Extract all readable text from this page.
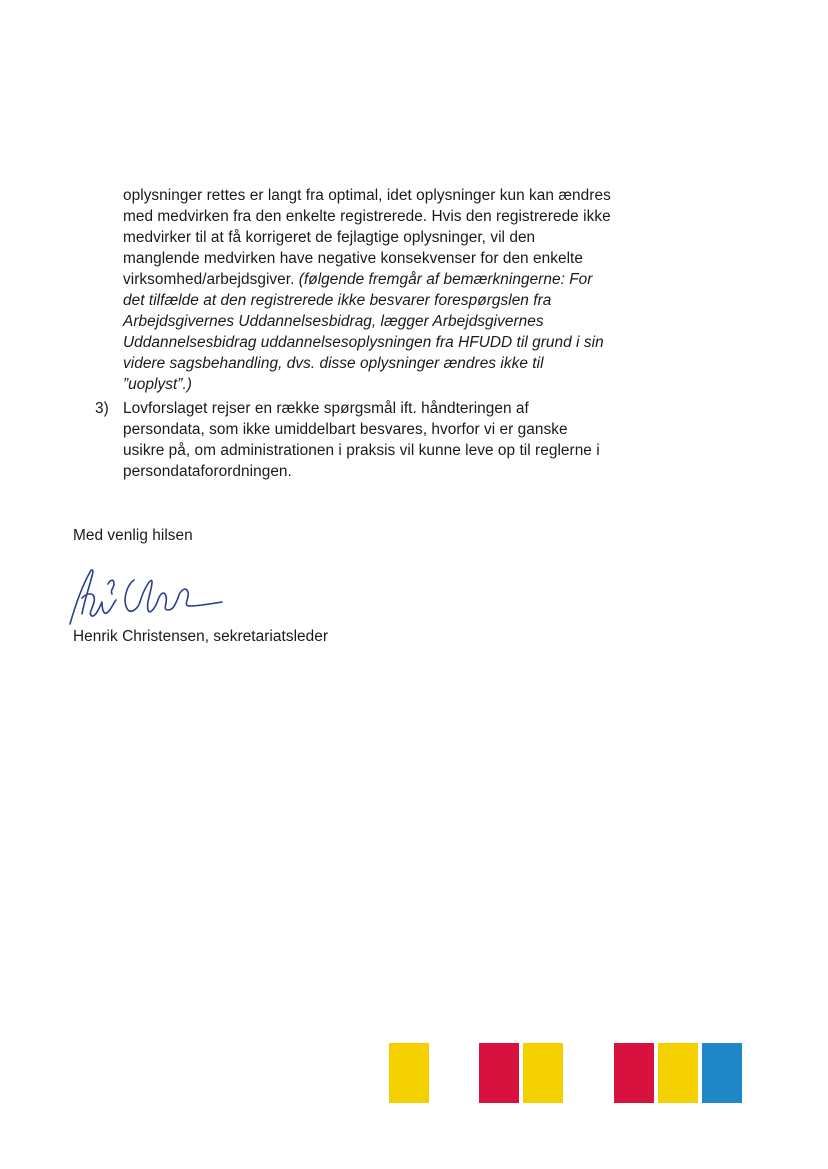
oplysninger rettes er langt fra optimal, idet oplysninger kun kan ændres
med medvirken fra den enkelte registrerede. Hvis den registrerede ikke
medvirker til at få korrigeret de fejlagtige oplysninger, vil den
manglende medvirken have negative konsekvenser for den enkelte
virksomhed/arbejdsgiver. (følgende fremgår af bemærkningerne: For
det tilfælde at den registrerede ikke besvarer forespørgslen fra
Arbejdsgivernes Uddannelsesbidrag, lægger Arbejdsgivernes
Uddannelsesbidrag uddannelsesoplysningen fra HFUDD til grund i sin
videre sagsbehandling, dvs. disse oplysninger ændres ikke til
”uoplyst”.)
3) Lovforslaget rejser en række spørgsmål ift. håndteringen af
persondata, som ikke umiddelbart besvares, hvorfor vi er ganske
usikre på, om administrationen i praksis vil kunne leve op til reglerne i
persondataforordningen.
Med venlig hilsen
Henrik Christensen, sekretariatsleder
